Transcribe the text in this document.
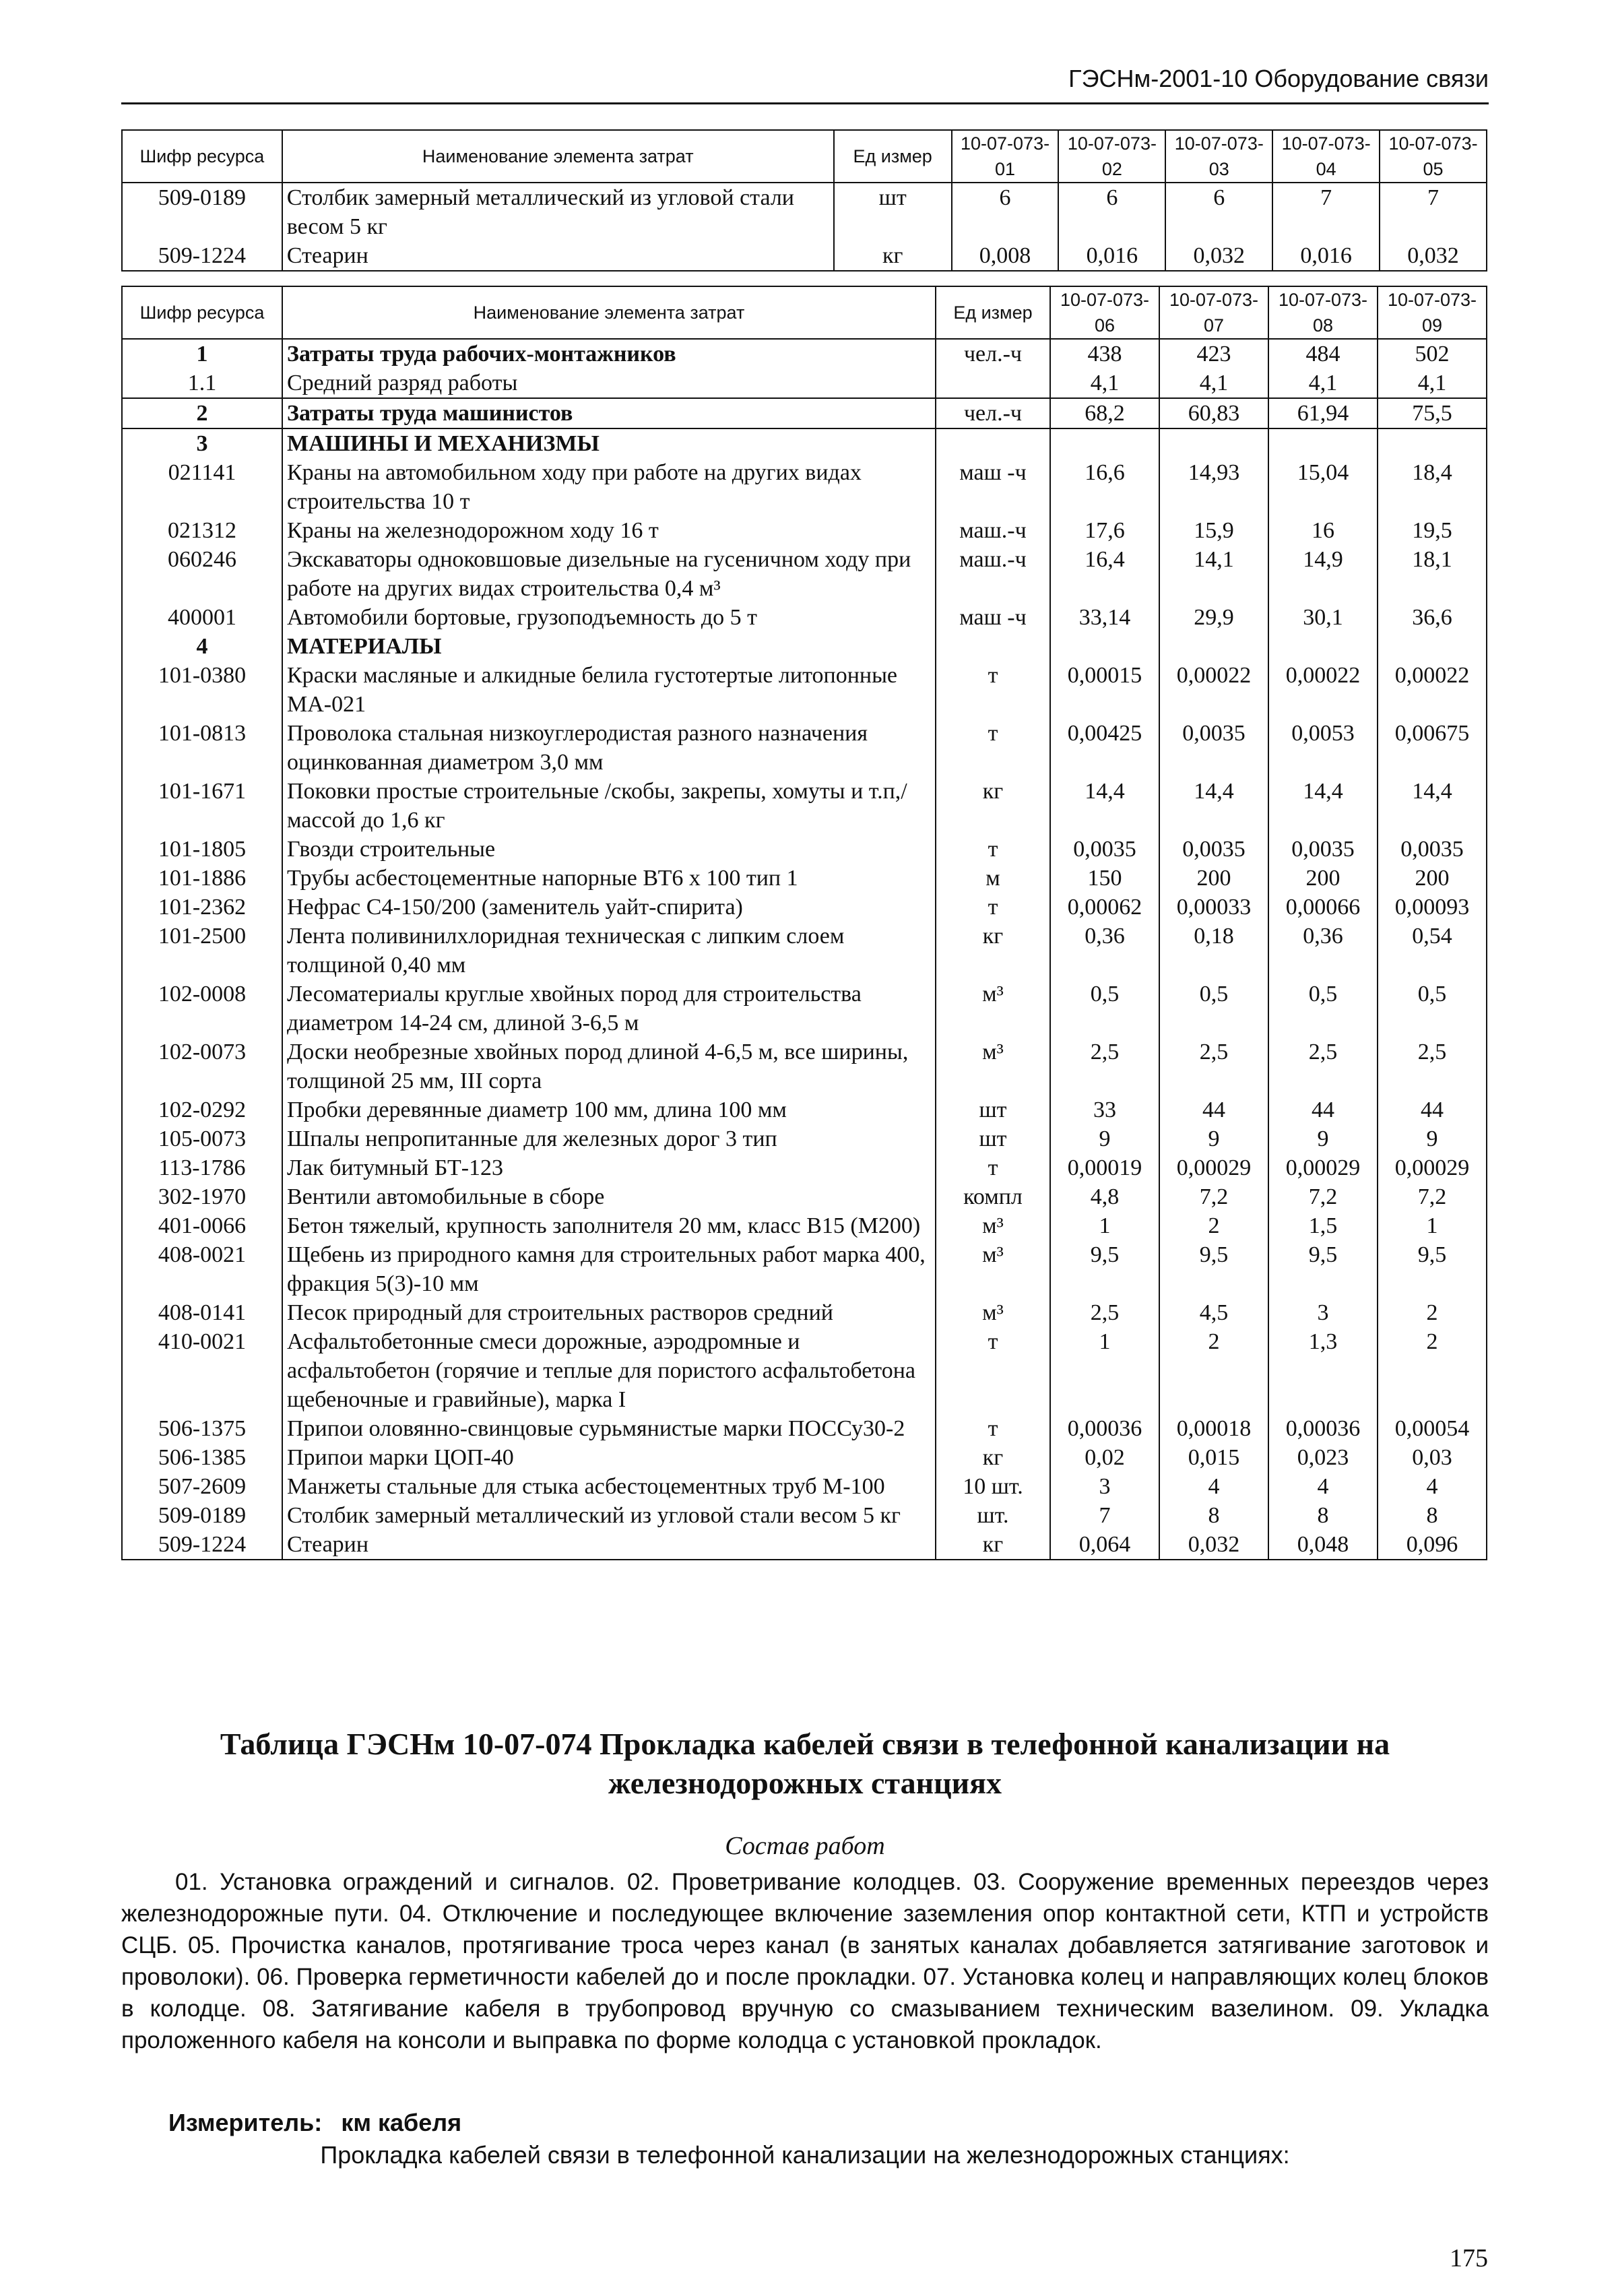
ГЭСНм-2001-10 Оборудование связи
Шифр ресурса	Наименование элемента затрат	Ед измер	10-07-073-01	10-07-073-02	10-07-073-03	10-07-073-04	10-07-073-05
509-0189	Столбик замерный металлический из угловой стали весом 5 кг	шт	6	6	6	7	7
509-1224	Стеарин	кг	0,008	0,016	0,032	0,016	0,032
Шифр ресурса	Наименование элемента затрат	Ед измер	10-07-073-06	10-07-073-07	10-07-073-08	10-07-073-09
1	Затраты труда рабочих-монтажников	чел.-ч	438	423	484	502
1.1	Средний разряд работы		4,1	4,1	4,1	4,1
2	Затраты труда машинистов	чел.-ч	68,2	60,83	61,94	75,5
3	МАШИНЫ И МЕХАНИЗМЫ					
021141	Краны на автомобильном ходу при работе на других видах строительства 10 т	маш -ч	16,6	14,93	15,04	18,4
021312	Краны на железнодорожном ходу 16 т	маш.-ч	17,6	15,9	16	19,5
060246	Экскаваторы одноковшовые дизельные на гусеничном ходу при работе на других видах строительства 0,4 м³	маш.-ч	16,4	14,1	14,9	18,1
400001	Автомобили бортовые, грузоподъемность до 5 т	маш -ч	33,14	29,9	30,1	36,6
4	МАТЕРИАЛЫ					
101-0380	Краски масляные и алкидные белила густотертые литопонные МА-021	т	0,00015	0,00022	0,00022	0,00022
101-0813	Проволока стальная низкоуглеродистая разного назначения оцинкованная диаметром 3,0 мм	т	0,00425	0,0035	0,0053	0,00675
101-1671	Поковки простые строительные /скобы, закрепы, хомуты и т.п,/ массой до 1,6 кг	кг	14,4	14,4	14,4	14,4
101-1805	Гвозди строительные	т	0,0035	0,0035	0,0035	0,0035
101-1886	Трубы асбестоцементные напорные ВТ6 х 100 тип 1	м	150	200	200	200
101-2362	Нефрас С4-150/200 (заменитель уайт-спирита)	т	0,00062	0,00033	0,00066	0,00093
101-2500	Лента поливинилхлоридная техническая с липким слоем толщиной 0,40 мм	кг	0,36	0,18	0,36	0,54
102-0008	Лесоматериалы круглые хвойных пород для строительства диаметром 14-24 см, длиной 3-6,5 м	м³	0,5	0,5	0,5	0,5
102-0073	Доски необрезные хвойных пород длиной 4-6,5 м, все ширины, толщиной 25 мм, III сорта	м³	2,5	2,5	2,5	2,5
102-0292	Пробки деревянные диаметр 100 мм, длина 100 мм	шт	33	44	44	44
105-0073	Шпалы непропитанные для железных дорог 3 тип	шт	9	9	9	9
113-1786	Лак битумный БТ-123	т	0,00019	0,00029	0,00029	0,00029
302-1970	Вентили автомобильные в сборе	компл	4,8	7,2	7,2	7,2
401-0066	Бетон тяжелый, крупность заполнителя 20 мм, класс В15 (М200)	м³	1	2	1,5	1
408-0021	Щебень из природного камня для строительных работ марка 400, фракция 5(3)-10 мм	м³	9,5	9,5	9,5	9,5
408-0141	Песок природный для строительных растворов средний	м³	2,5	4,5	3	2
410-0021	Асфальтобетонные смеси дорожные, аэродромные и асфальтобетон (горячие и теплые для пористого асфальтобетона щебеночные и гравийные), марка I	т	1	2	1,3	2
506-1375	Припои оловянно-свинцовые сурьмянистые марки ПОССу30-2	т	0,00036	0,00018	0,00036	0,00054
506-1385	Припои марки ЦОП-40	кг	0,02	0,015	0,023	0,03
507-2609	Манжеты стальные для стыка асбестоцементных труб М-100	10 шт.	3	4	4	4
509-0189	Столбик замерный металлический из угловой стали весом 5 кг	шт.	7	8	8	8
509-1224	Стеарин	кг	0,064	0,032	0,048	0,096
Таблица ГЭСНм 10-07-074 Прокладка кабелей связи в телефонной канализации на железнодорожных станциях
Состав работ
01. Установка ограждений и сигналов. 02. Проветривание колодцев. 03. Сооружение временных переездов через железнодорожные пути. 04. Отключение и последующее включение заземления опор контактной сети, КТП и устройств СЦБ. 05. Прочистка каналов, протягивание троса через канал (в занятых каналах добавляется затягивание заготовок и проволоки). 06. Проверка герметичности кабелей до и после прокладки. 07. Установка колец и направляющих колец блоков в колодце. 08. Затягивание кабеля в трубопровод вручную со смазыванием техническим вазелином. 09. Укладка проложенного кабеля на консоли и выправка по форме колодца с установкой прокладок.
Измеритель: км кабеля
Прокладка кабелей связи в телефонной канализации на железнодорожных станциях:
175
